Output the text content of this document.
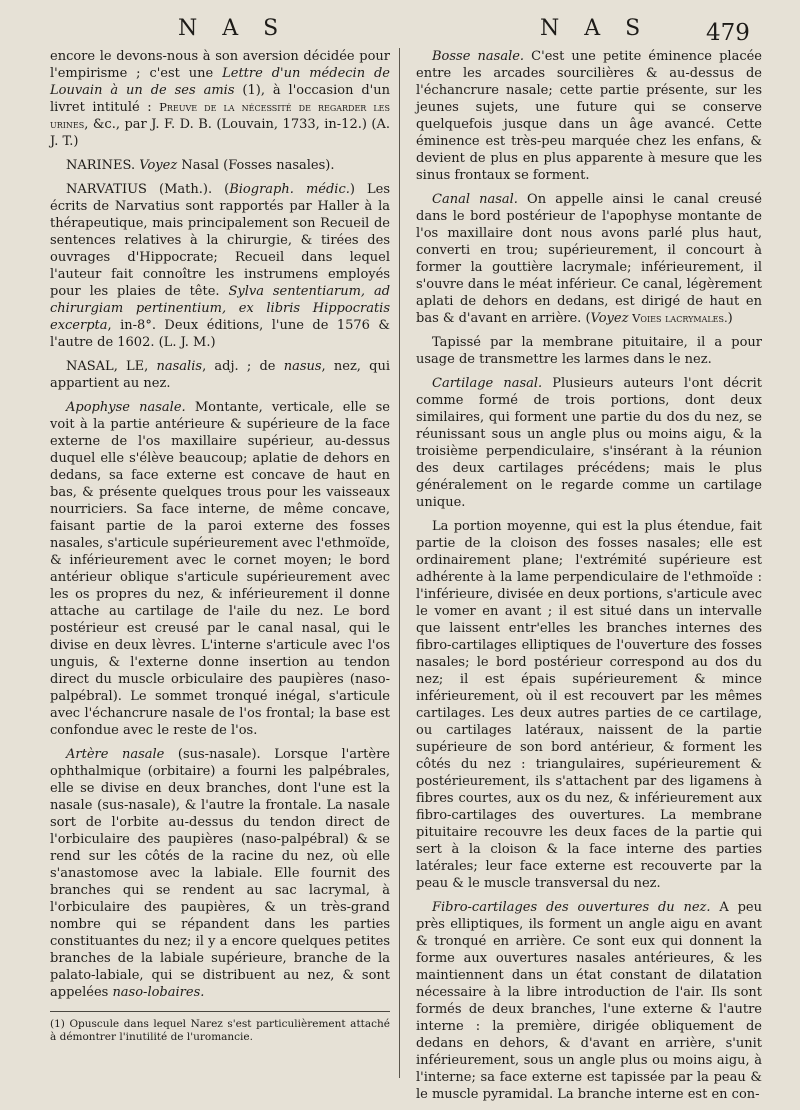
N A S	N A S 479

encore le devons-nous à son aversion décidée pour l'empirisme ; c'est une Lettre d'un médecin de Louvain à un de ses amis (1), à l'occasion d'un livret intitulé : Preuve de la nécessité de regarder les urines, &c., par J. F. D. B. (Louvain, 1733, in-12.) (A. J. T.)

NARINES. Voyez Nasal (Fosses nasales).

NARVATIUS (Math.). (Biograph. médic.) Les écrits de Narvatius sont rapportés par Haller à la thérapeutique, mais principalement son Recueil de sentences relatives à la chirurgie, & tirées des ouvrages d'Hippocrate; Recueil dans lequel l'auteur fait connoître les instrumens employés pour les plaies de tête. Sylva sententiarum, ad chirurgiam pertinentium, ex libris Hippocratis excerpta, in-8°. Deux éditions, l'une de 1576 & l'autre de 1602. (L. J. M.)

NASAL, LE, nasalis, adj. ; de nasus, nez, qui appartient au nez.

Apophyse nasale. Montante, verticale, elle se voit à la partie antérieure & supérieure de la face externe de l'os maxillaire supérieur, au-dessus duquel elle s'élève beaucoup; aplatie de dehors en dedans, sa face externe est concave de haut en bas, & présente quelques trous pour les vaisseaux nourriciers. Sa face interne, de même concave, faisant partie de la paroi externe des fosses nasales, s'articule supérieurement avec l'ethmoïde, & inférieurement avec le cornet moyen; le bord antérieur oblique s'articule supérieurement avec les os propres du nez, & inférieurement il donne attache au cartilage de l'aile du nez. Le bord postérieur est creusé par le canal nasal, qui le divise en deux lèvres. L'interne s'articule avec l'os unguis, & l'externe donne insertion au tendon direct du muscle orbiculaire des paupières (naso-palpébral). Le sommet tronqué inégal, s'articule avec l'échancrure nasale de l'os frontal; la base est confondue avec le reste de l'os.

Artère nasale (sus-nasale). Lorsque l'artère ophthalmique (orbitaire) a fourni les palpébrales, elle se divise en deux branches, dont l'une est la nasale (sus-nasale), & l'autre la frontale. La nasale sort de l'orbite au-dessus du tendon direct de l'orbiculaire des paupières (naso-palpébral) & se rend sur les côtés de la racine du nez, où elle s'anastomose avec la labiale. Elle fournit des branches qui se rendent au sac lacrymal, à l'orbiculaire des paupières, & un très-grand nombre qui se répandent dans les parties constituantes du nez; il y a encore quelques petites branches de la labiale supérieure, branche de la palato-labiale, qui se distribuent au nez, & sont appelées naso-lobaires.

(1) Opuscule dans lequel Narez s'est particulièrement attaché à démontrer l'inutilité de l'uromancie.

Bosse nasale. C'est une petite éminence placée entre les arcades sourcilières & au-dessus de l'échancrure nasale; cette partie présente, sur les jeunes sujets, une future qui se conserve quelquefois jusque dans un âge avancé. Cette éminence est très-peu marquée chez les enfans, & devient de plus en plus apparente à mesure que les sinus frontaux se forment.

Canal nasal. On appelle ainsi le canal creusé dans le bord postérieur de l'apophyse montante de l'os maxillaire dont nous avons parlé plus haut, converti en trou; supérieurement, il concourt à former la gouttière lacrymale; inférieurement, il s'ouvre dans le méat inférieur. Ce canal, légèrement aplati de dehors en dedans, est dirigé de haut en bas & d'avant en arrière. (Voyez Voies lacrymales.)

Tapissé par la membrane pituitaire, il a pour usage de transmettre les larmes dans le nez.

Cartilage nasal. Plusieurs auteurs l'ont décrit comme formé de trois portions, dont deux similaires, qui forment une partie du dos du nez, se réunissant sous un angle plus ou moins aigu, & la troisième perpendiculaire, s'insérant à la réunion des deux cartilages précédens; mais le plus généralement on le regarde comme un cartilage unique.

La portion moyenne, qui est la plus étendue, fait partie de la cloison des fosses nasales; elle est ordinairement plane; l'extrémité supérieure est adhérente à la lame perpendiculaire de l'ethmoïde : l'inférieure, divisée en deux portions, s'articule avec le vomer en avant ; il est situé dans un intervalle que laissent entr'elles les branches internes des fibro-cartilages elliptiques de l'ouverture des fosses nasales; le bord postérieur correspond au dos du nez; il est épais supérieurement & mince inférieurement, où il est recouvert par les mêmes cartilages. Les deux autres parties de ce cartilage, ou cartilages latéraux, naissent de la partie supérieure de son bord antérieur, & forment les côtés du nez : triangulaires, supérieurement & postérieurement, ils s'attachent par des ligamens à fibres courtes, aux os du nez, & inférieurement aux fibro-cartilages des ouvertures. La membrane pituitaire recouvre les deux faces de la partie qui sert à la cloison & la face interne des parties latérales; leur face externe est recouverte par la peau & le muscle transversal du nez.

Fibro-cartilages des ouvertures du nez. A peu près elliptiques, ils forment un angle aigu en avant & tronqué en arrière. Ce sont eux qui donnent la forme aux ouvertures nasales antérieures, & les maintiennent dans un état constant de dilatation nécessaire à la libre introduction de l'air. Ils sont formés de deux branches, l'une externe & l'autre interne : la première, dirigée obliquement de dedans en dehors, & d'avant en arrière, s'unit inférieurement, sous un angle plus ou moins aigu, à l'interne; sa face externe est tapissée par la peau & le muscle pyramidal. La branche interne est en con-
